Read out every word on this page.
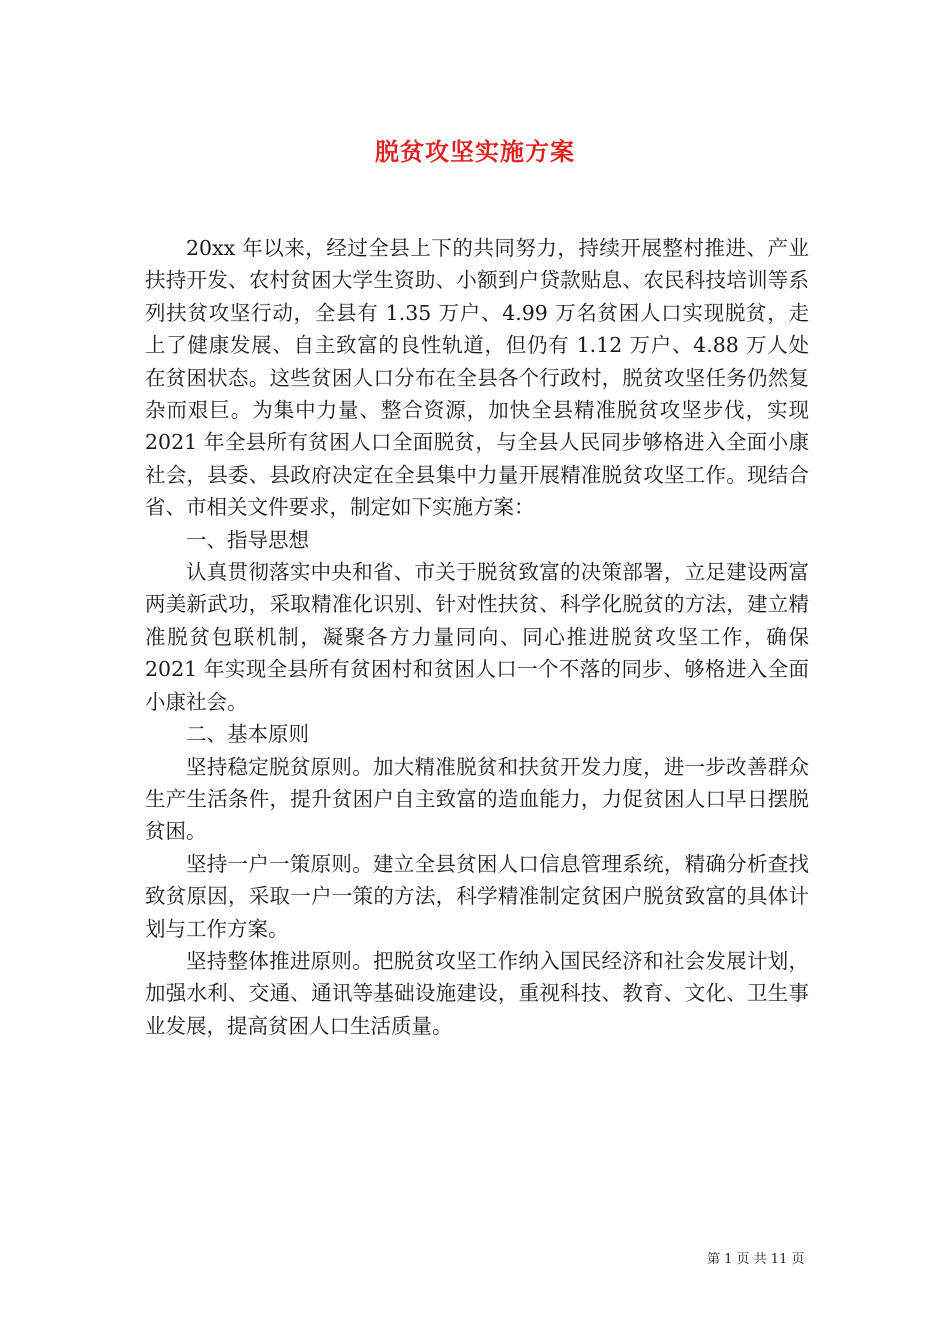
脱贫攻坚实施方案

20xx 年以来，经过全县上下的共同努力，持续开展整村推进、产业扶持开发、农村贫困大学生资助、小额到户贷款贴息、农民科技培训等系列扶贫攻坚行动，全县有 1.35 万户、4.99 万名贫困人口实现脱贫，走上了健康发展、自主致富的良性轨道，但仍有 1.12 万户、4.88 万人处在贫困状态。这些贫困人口分布在全县各个行政村，脱贫攻坚任务仍然复杂而艰巨。为集中力量、整合资源，加快全县精准脱贫攻坚步伐，实现 2021 年全县所有贫困人口全面脱贫，与全县人民同步够格进入全面小康社会，县委、县政府决定在全县集中力量开展精准脱贫攻坚工作。现结合省、市相关文件要求，制定如下实施方案：

一、指导思想

认真贯彻落实中央和省、市关于脱贫致富的决策部署，立足建设两富两美新武功，采取精准化识别、针对性扶贫、科学化脱贫的方法，建立精准脱贫包联机制，凝聚各方力量同向、同心推进脱贫攻坚工作，确保 2021 年实现全县所有贫困村和贫困人口一个不落的同步、够格进入全面小康社会。

二、基本原则

坚持稳定脱贫原则。加大精准脱贫和扶贫开发力度，进一步改善群众生产生活条件，提升贫困户自主致富的造血能力，力促贫困人口早日摆脱贫困。

坚持一户一策原则。建立全县贫困人口信息管理系统，精确分析查找致贫原因，采取一户一策的方法，科学精准制定贫困户脱贫致富的具体计划与工作方案。

坚持整体推进原则。把脱贫攻坚工作纳入国民经济和社会发展计划，加强水利、交通、通讯等基础设施建设，重视科技、教育、文化、卫生事业发展，提高贫困人口生活质量。

第 1 页 共 11 页
